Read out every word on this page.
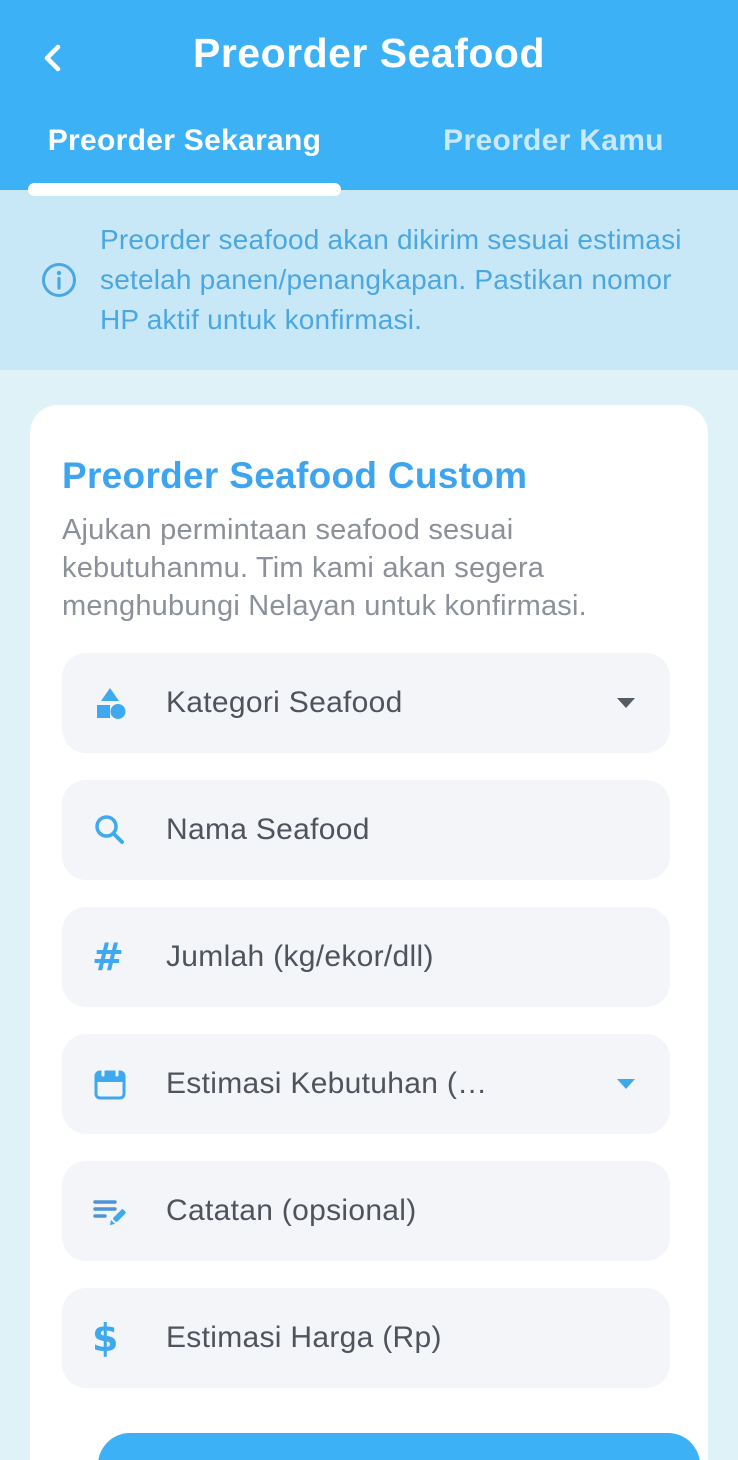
Preorder Seafood
Preorder Sekarang	Preorder Kamu
Preorder seafood akan dikirim sesuai estimasi setelah panen/penangkapan. Pastikan nomor HP aktif untuk konfirmasi.
Preorder Seafood Custom
Ajukan permintaan seafood sesuai kebutuhanmu. Tim kami akan segera menghubungi Nelayan untuk konfirmasi.
Kategori Seafood
Nama Seafood
# Jumlah (kg/ekor/dll)
Estimasi Kebutuhan (…
Catatan (opsional)
$ Estimasi Harga (Rp)
